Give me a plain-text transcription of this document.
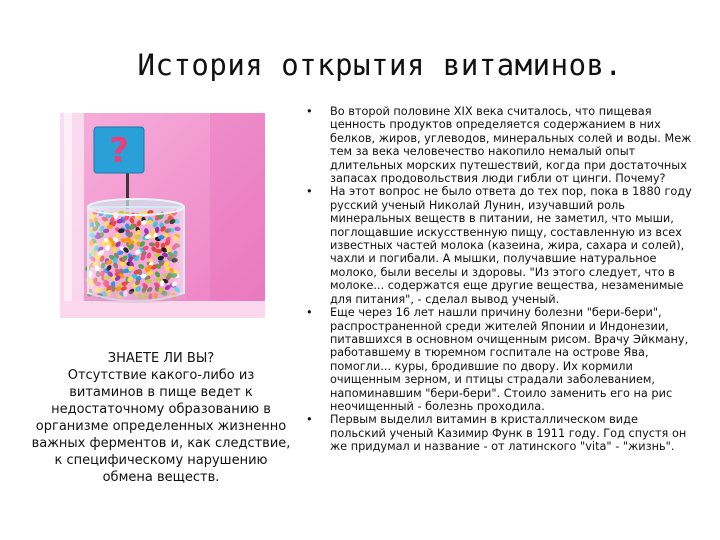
История открытия витаминов.
?
ЗНАЕТЕ ЛИ ВЫ?
Отсутствие какого-либо из витаминов в пище ведет к недостаточному образованию в организме определенных жизненно важных ферментов и, как следствие, к специфическому нарушению обмена веществ.
• Во второй половине XIX века считалось, что пищевая ценность продуктов определяется содержанием в них белков, жиров, углеводов, минеральных солей и воды. Меж тем за века человечество накопило немалый опыт длительных морских путешествий, когда при достаточных запасах продовольствия люди гибли от цинги. Почему?
• На этот вопрос не было ответа до тех пор, пока в 1880 году русский ученый Николай Лунин, изучавший роль минеральных веществ в питании, не заметил, что мыши, поглощавшие искусственную пищу, составленную из всех известных частей молока (казеина, жира, сахара и солей), чахли и погибали. А мышки, получавшие натуральное молоко, были веселы и здоровы. "Из этого следует, что в молоке... содержатся еще другие вещества, незаменимые для питания", - сделал вывод ученый.
• Еще через 16 лет нашли причину болезни "бери-бери", распространенной среди жителей Японии и Индонезии, питавшихся в основном очищенным рисом. Врачу Эйкману, работавшему в тюремном госпитале на острове Ява, помогли... куры, бродившие по двору. Их кормили очищенным зерном, и птицы страдали заболеванием, напоминавшим "бери-бери". Стоило заменить его на рис неочищенный - болезнь проходила.
• Первым выделил витамин в кристаллическом виде польский ученый Казимир Функ в 1911 году. Год спустя он же придумал и название - от латинского "vita" - "жизнь".
